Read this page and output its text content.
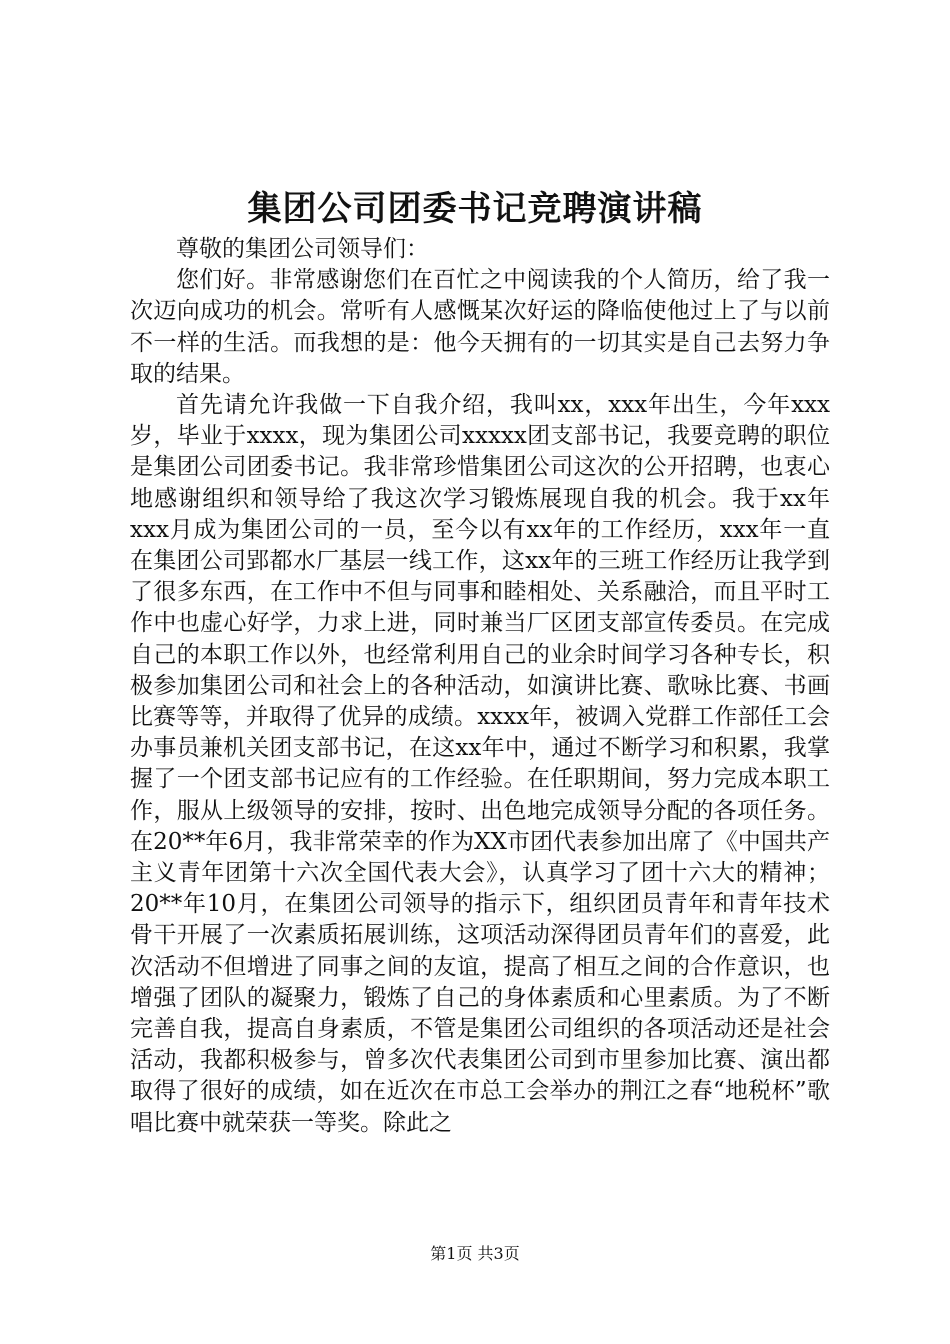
集团公司团委书记竞聘演讲稿

尊敬的集团公司领导们：

您们好。非常感谢您们在百忙之中阅读我的个人简历，给了我一次迈向成功的机会。常听有人感慨某次好运的降临使他过上了与以前不一样的生活。而我想的是：他今天拥有的一切其实是自己去努力争取的结果。

首先请允许我做一下自我介绍，我叫xx，xxx年出生，今年xxx岁，毕业于xxxx，现为集团公司xxxxx团支部书记，我要竞聘的职位是集团公司团委书记。我非常珍惜集团公司这次的公开招聘，也衷心地感谢组织和领导给了我这次学习锻炼展现自我的机会。我于xx年xxx月成为集团公司的一员，至今以有xx年的工作经历，xxx年一直在集团公司郢都水厂基层一线工作，这xx年的三班工作经历让我学到了很多东西，在工作中不但与同事和睦相处、关系融洽，而且平时工作中也虚心好学，力求上进，同时兼当厂区团支部宣传委员。在完成自己的本职工作以外，也经常利用自己的业余时间学习各种专长，积极参加集团公司和社会上的各种活动，如演讲比赛、歌咏比赛、书画比赛等等，并取得了优异的成绩。xxxx年，被调入党群工作部任工会办事员兼机关团支部书记，在这xx年中，通过不断学习和积累，我掌握了一个团支部书记应有的工作经验。在任职期间，努力完成本职工作，服从上级领导的安排，按时、出色地完成领导分配的各项任务。在20**年6月，我非常荣幸的作为XX市团代表参加出席了《中国共产主义青年团第十六次全国代表大会》，认真学习了团十六大的精神；20**年10月，在集团公司领导的指示下，组织团员青年和青年技术骨干开展了一次素质拓展训练，这项活动深得团员青年们的喜爱，此次活动不但增进了同事之间的友谊，提高了相互之间的合作意识，也增强了团队的凝聚力，锻炼了自己的身体素质和心里素质。为了不断完善自我，提高自身素质，不管是集团公司组织的各项活动还是社会活动，我都积极参与，曾多次代表集团公司到市里参加比赛、演出都取得了很好的成绩，如在近次在市总工会举办的荆江之春“地税杯”歌唱比赛中就荣获一等奖。除此之

第1页 共3页
